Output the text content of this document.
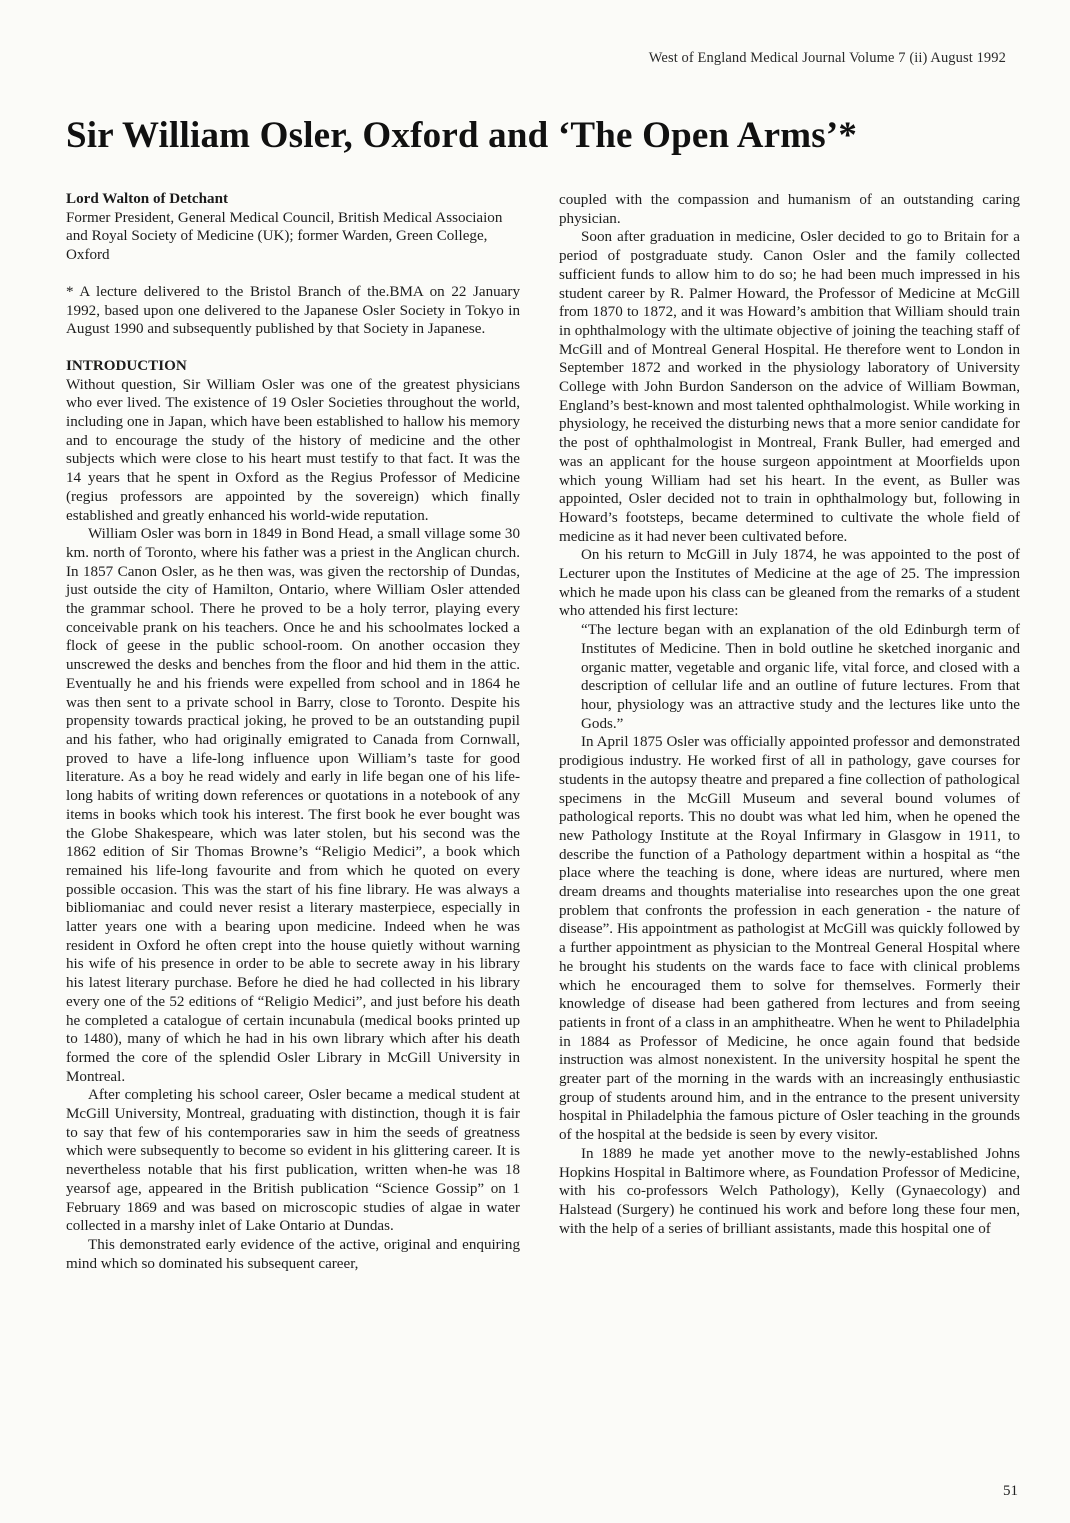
West of England Medical Journal Volume 7 (ii) August 1992
Sir William Osler, Oxford and ‘The Open Arms’*

Lord Walton of Detchant

Former President, General Medical Council, British Medical Associaion and Royal Society of Medicine (UK); former Warden, Green College, Oxford

* A lecture delivered to the Bristol Branch of the.BMA on 22 January 1992, based upon one delivered to the Japanese Osler Society in Tokyo in August 1990 and subsequently published by that Society in Japanese.

INTRODUCTION

Without question, Sir William Osler was one of the greatest physicians who ever lived. The existence of 19 Osler Societies throughout the world, including one in Japan, which have been established to hallow his memory and to encourage the study of the history of medicine and the other subjects which were close to his heart must testify to that fact. It was the 14 years that he spent in Oxford as the Regius Professor of Medicine (regius professors are appointed by the sovereign) which finally established and greatly enhanced his world-wide reputation.

William Osler was born in 1849 in Bond Head, a small village some 30 km. north of Toronto, where his father was a priest in the Anglican church. In 1857 Canon Osler, as he then was, was given the rectorship of Dundas, just outside the city of Hamilton, Ontario, where William Osler attended the grammar school. There he proved to be a holy terror, playing every conceivable prank on his teachers. Once he and his schoolmates locked a flock of geese in the public school-room. On another occasion they unscrewed the desks and benches from the floor and hid them in the attic. Eventually he and his friends were expelled from school and in 1864 he was then sent to a private school in Barry, close to Toronto. Despite his propensity towards practical joking, he proved to be an outstanding pupil and his father, who had originally emigrated to Canada from Cornwall, proved to have a life-long influence upon William’s taste for good literature. As a boy he read widely and early in life began one of his life-long habits of writing down references or quotations in a notebook of any items in books which took his interest. The first book he ever bought was the Globe Shakespeare, which was later stolen, but his second was the 1862 edition of Sir Thomas Browne’s “Religio Medici”, a book which remained his life-long favourite and from which he quoted on every possible occasion. This was the start of his fine library. He was always a bibliomaniac and could never resist a literary masterpiece, especially in latter years one with a bearing upon medicine. Indeed when he was resident in Oxford he often crept into the house quietly without warning his wife of his presence in order to be able to secrete away in his library his latest literary purchase. Before he died he had collected in his library every one of the 52 editions of “Religio Medici”, and just before his death he completed a catalogue of certain incunabula (medical books printed up to 1480), many of which he had in his own library which after his death formed the core of the splendid Osler Library in McGill University in Montreal.

After completing his school career, Osler became a medical student at McGill University, Montreal, graduating with distinction, though it is fair to say that few of his contemporaries saw in him the seeds of greatness which were subsequently to become so evident in his glittering career. It is nevertheless notable that his first publication, written when-he was 18 yearsof age, appeared in the British publication “Science Gossip” on 1 February 1869 and was based on microscopic studies of algae in water collected in a marshy inlet of Lake Ontario at Dundas.

This demonstrated early evidence of the active, original and enquiring mind which so dominated his subsequent career,

coupled with the compassion and humanism of an outstanding caring physician.

Soon after graduation in medicine, Osler decided to go to Britain for a period of postgraduate study. Canon Osler and the family collected sufficient funds to allow him to do so; he had been much impressed in his student career by R. Palmer Howard, the Professor of Medicine at McGill from 1870 to 1872, and it was Howard’s ambition that William should train in ophthalmology with the ultimate objective of joining the teaching staff of McGill and of Montreal General Hospital. He therefore went to London in September 1872 and worked in the physiology laboratory of University College with John Burdon Sanderson on the advice of William Bowman, England’s best-known and most talented ophthalmologist. While working in physiology, he received the disturbing news that a more senior candidate for the post of ophthalmologist in Montreal, Frank Buller, had emerged and was an applicant for the house surgeon appointment at Moorfields upon which young William had set his heart. In the event, as Buller was appointed, Osler decided not to train in ophthalmology but, following in Howard’s footsteps, became determined to cultivate the whole field of medicine as it had never been cultivated before.

On his return to McGill in July 1874, he was appointed to the post of Lecturer upon the Institutes of Medicine at the age of 25. The impression which he made upon his class can be gleaned from the remarks of a student who attended his first lecture:

“The lecture began with an explanation of the old Edinburgh term of Institutes of Medicine. Then in bold outline he sketched inorganic and organic matter, vegetable and organic life, vital force, and closed with a description of cellular life and an outline of future lectures. From that hour, physiology was an attractive study and the lectures like unto the Gods.”

In April 1875 Osler was officially appointed professor and demonstrated prodigious industry. He worked first of all in pathology, gave courses for students in the autopsy theatre and prepared a fine collection of pathological specimens in the McGill Museum and several bound volumes of pathological reports. This no doubt was what led him, when he opened the new Pathology Institute at the Royal Infirmary in Glasgow in 1911, to describe the function of a Pathology department within a hospital as “the place where the teaching is done, where ideas are nurtured, where men dream dreams and thoughts materialise into researches upon the one great problem that confronts the profession in each generation - the nature of disease”. His appointment as pathologist at McGill was quickly followed by a further appointment as physician to the Montreal General Hospital where he brought his students on the wards face to face with clinical problems which he encouraged them to solve for themselves. Formerly their knowledge of disease had been gathered from lectures and from seeing patients in front of a class in an amphitheatre. When he went to Philadelphia in 1884 as Professor of Medicine, he once again found that bedside instruction was almost nonexistent. In the university hospital he spent the greater part of the morning in the wards with an increasingly enthusiastic group of students around him, and in the entrance to the present university hospital in Philadelphia the famous picture of Osler teaching in the grounds of the hospital at the bedside is seen by every visitor.

In 1889 he made yet another move to the newly-established Johns Hopkins Hospital in Baltimore where, as Foundation Professor of Medicine, with his co-professors Welch Pathology), Kelly (Gynaecology) and Halstead (Surgery) he continued his work and before long these four men, with the help of a series of brilliant assistants, made this hospital one of

51
